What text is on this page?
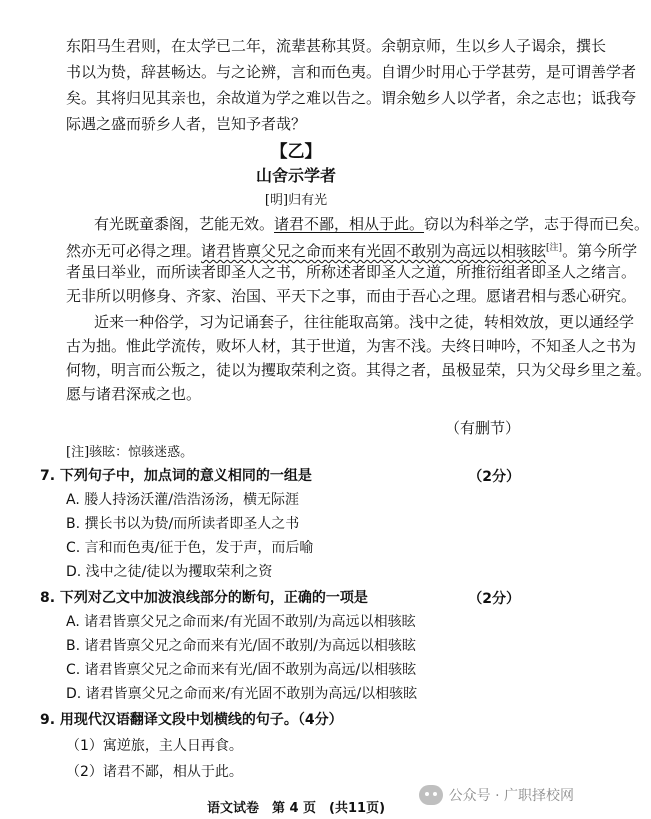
东阳马生君则，在太学已二年，流辈甚称其贤。余朝京师，生以乡人子谒余，撰长
书以为贽，辞甚畅达。与之论辨，言和而色夷。自谓少时用心于学甚劳，是可谓善学者
矣。其将归见其亲也，余故道为学之难以告之。谓余勉乡人以学者，余之志也；诋我夸
际遇之盛而骄乡人者，岂知予者哉？
【乙】
山舍示学者
[明]归有光
有光既童黍阁，艺能无效。诸君不鄙，相从于此。窃以为科举之学，志于得而已矣。
然亦无可必得之理。诸君皆禀父兄之命而来有光固不敢别为高远以相骇眩[注]。第今所学
者虽曰举业，而所读者即圣人之书，所称述者即圣人之道，所推衍组者即圣人之绪言。
无非所以明修身、齐家、治国、平天下之事，而由于吾心之理。愿诸君相与悉心研究。
近来一种俗学，习为记诵套子，往往能取高第。浅中之徒，转相效放，更以通经学
古为拙。惟此学流传，败坏人材，其于世道，为害不浅。夫终日呻吟，不知圣人之书为
何物，明言而公叛之，徒以为攫取荣利之资。其得之者，虽极显荣，只为父母乡里之羞。
愿与诸君深戒之也。
（有删节）
[注]骇眩：惊骇迷惑。
7. 下列句子中，加点词的意义相同的一组是	（2分）
A. 媵人持汤沃灌/浩浩汤汤，横无际涯
B. 撰长书以为贽/而所读者即圣人之书
C. 言和而色夷/征于色，发于声，而后喻
D. 浅中之徒/徒以为攫取荣利之资
8. 下列对乙文中加波浪线部分的断句，正确的一项是	（2分）
A. 诸君皆禀父兄之命而来/有光固不敢别/为高远以相骇眩
B. 诸君皆禀父兄之命而来有光/固不敢别/为高远以相骇眩
C. 诸君皆禀父兄之命而来有光/固不敢别为高远/以相骇眩
D. 诸君皆禀父兄之命而来/有光固不敢别为高远/以相骇眩
9. 用现代汉语翻译文段中划横线的句子。（4分）
语文试卷　第 4 页　(共11页)
公众号 · 广职择校网
（1）寓逆旅，主人日再食。
（2）诸君不鄙，相从于此。
